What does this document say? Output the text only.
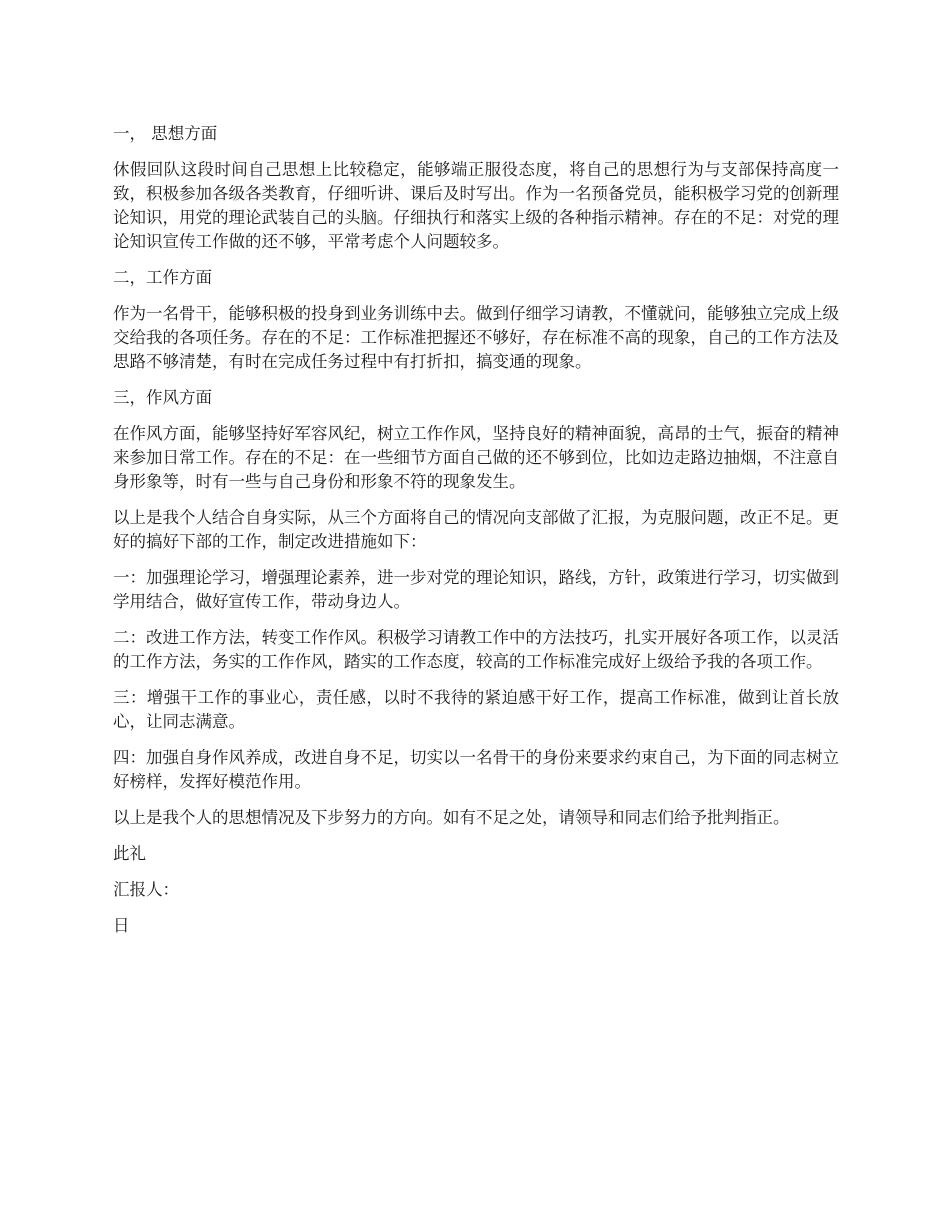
一， 思想方面

休假回队这段时间自己思想上比较稳定，能够端正服役态度，将自己的思想行为与支部保持高度一致，积极参加各级各类教育，仔细听讲、课后及时写出。作为一名预备党员，能积极学习党的创新理论知识，用党的理论武装自己的头脑。仔细执行和落实上级的各种指示精神。存在的不足：对党的理论知识宣传工作做的还不够，平常考虑个人问题较多。

二，工作方面

作为一名骨干，能够积极的投身到业务训练中去。做到仔细学习请教，不懂就问，能够独立完成上级交给我的各项任务。存在的不足：工作标准把握还不够好，存在标准不高的现象，自己的工作方法及思路不够清楚，有时在完成任务过程中有打折扣，搞变通的现象。

三，作风方面

在作风方面，能够坚持好军容风纪，树立工作作风，坚持良好的精神面貌，高昂的士气，振奋的精神来参加日常工作。存在的不足：在一些细节方面自己做的还不够到位，比如边走路边抽烟，不注意自身形象等，时有一些与自己身份和形象不符的现象发生。

以上是我个人结合自身实际，从三个方面将自己的情况向支部做了汇报，为克服问题，改正不足。更好的搞好下部的工作，制定改进措施如下：

一：加强理论学习，增强理论素养，进一步对党的理论知识，路线，方针，政策进行学习，切实做到学用结合，做好宣传工作，带动身边人。

二：改进工作方法，转变工作作风。积极学习请教工作中的方法技巧，扎实开展好各项工作，以灵活的工作方法，务实的工作作风，踏实的工作态度，较高的工作标准完成好上级给予我的各项工作。

三：增强干工作的事业心，责任感，以时不我待的紧迫感干好工作，提高工作标准，做到让首长放心，让同志满意。

四：加强自身作风养成，改进自身不足，切实以一名骨干的身份来要求约束自己，为下面的同志树立好榜样，发挥好模范作用。

以上是我个人的思想情况及下步努力的方向。如有不足之处，请领导和同志们给予批判指正。

此礼

汇报人：

日
